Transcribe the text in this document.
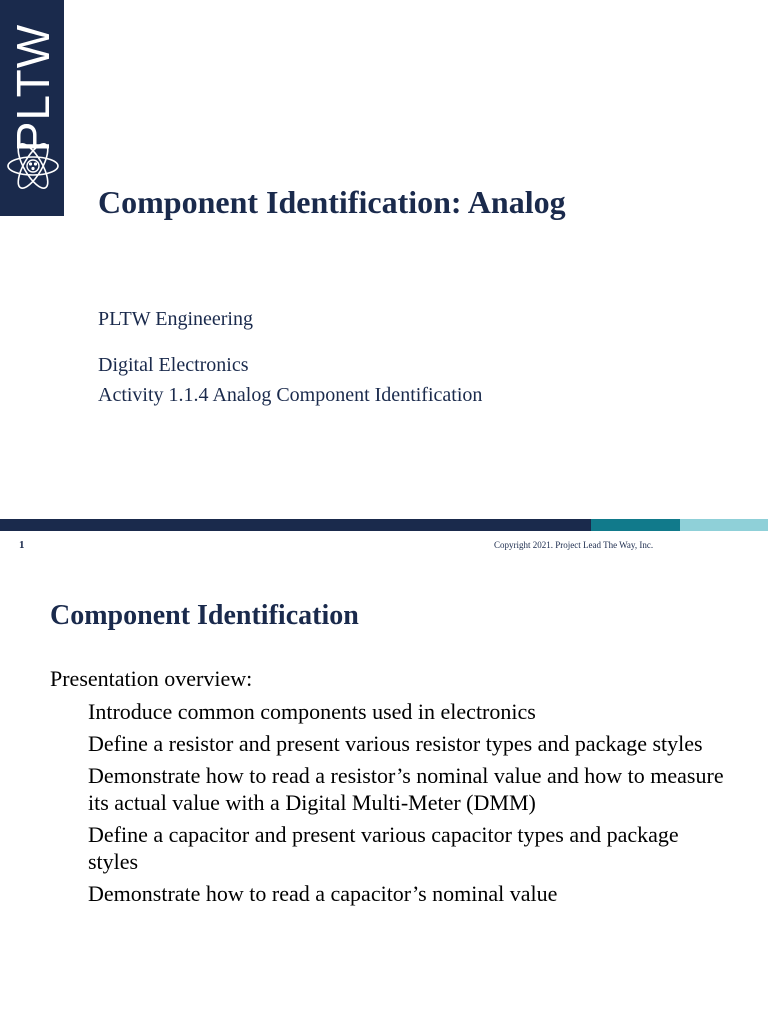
PLTW
Component Identification: Analog
PLTW Engineering
Digital Electronics
Activity 1.1.4 Analog Component Identification
1	Copyright 2021. Project Lead The Way, Inc.
Component Identification
Presentation overview:
Introduce common components used in electronics
Define a resistor and present various resistor types and package styles
Demonstrate how to read a resistor’s nominal value and how to measure its actual value with a Digital Multi-Meter (DMM)
Define a capacitor and present various capacitor types and package styles
Demonstrate how to read a capacitor’s nominal value
